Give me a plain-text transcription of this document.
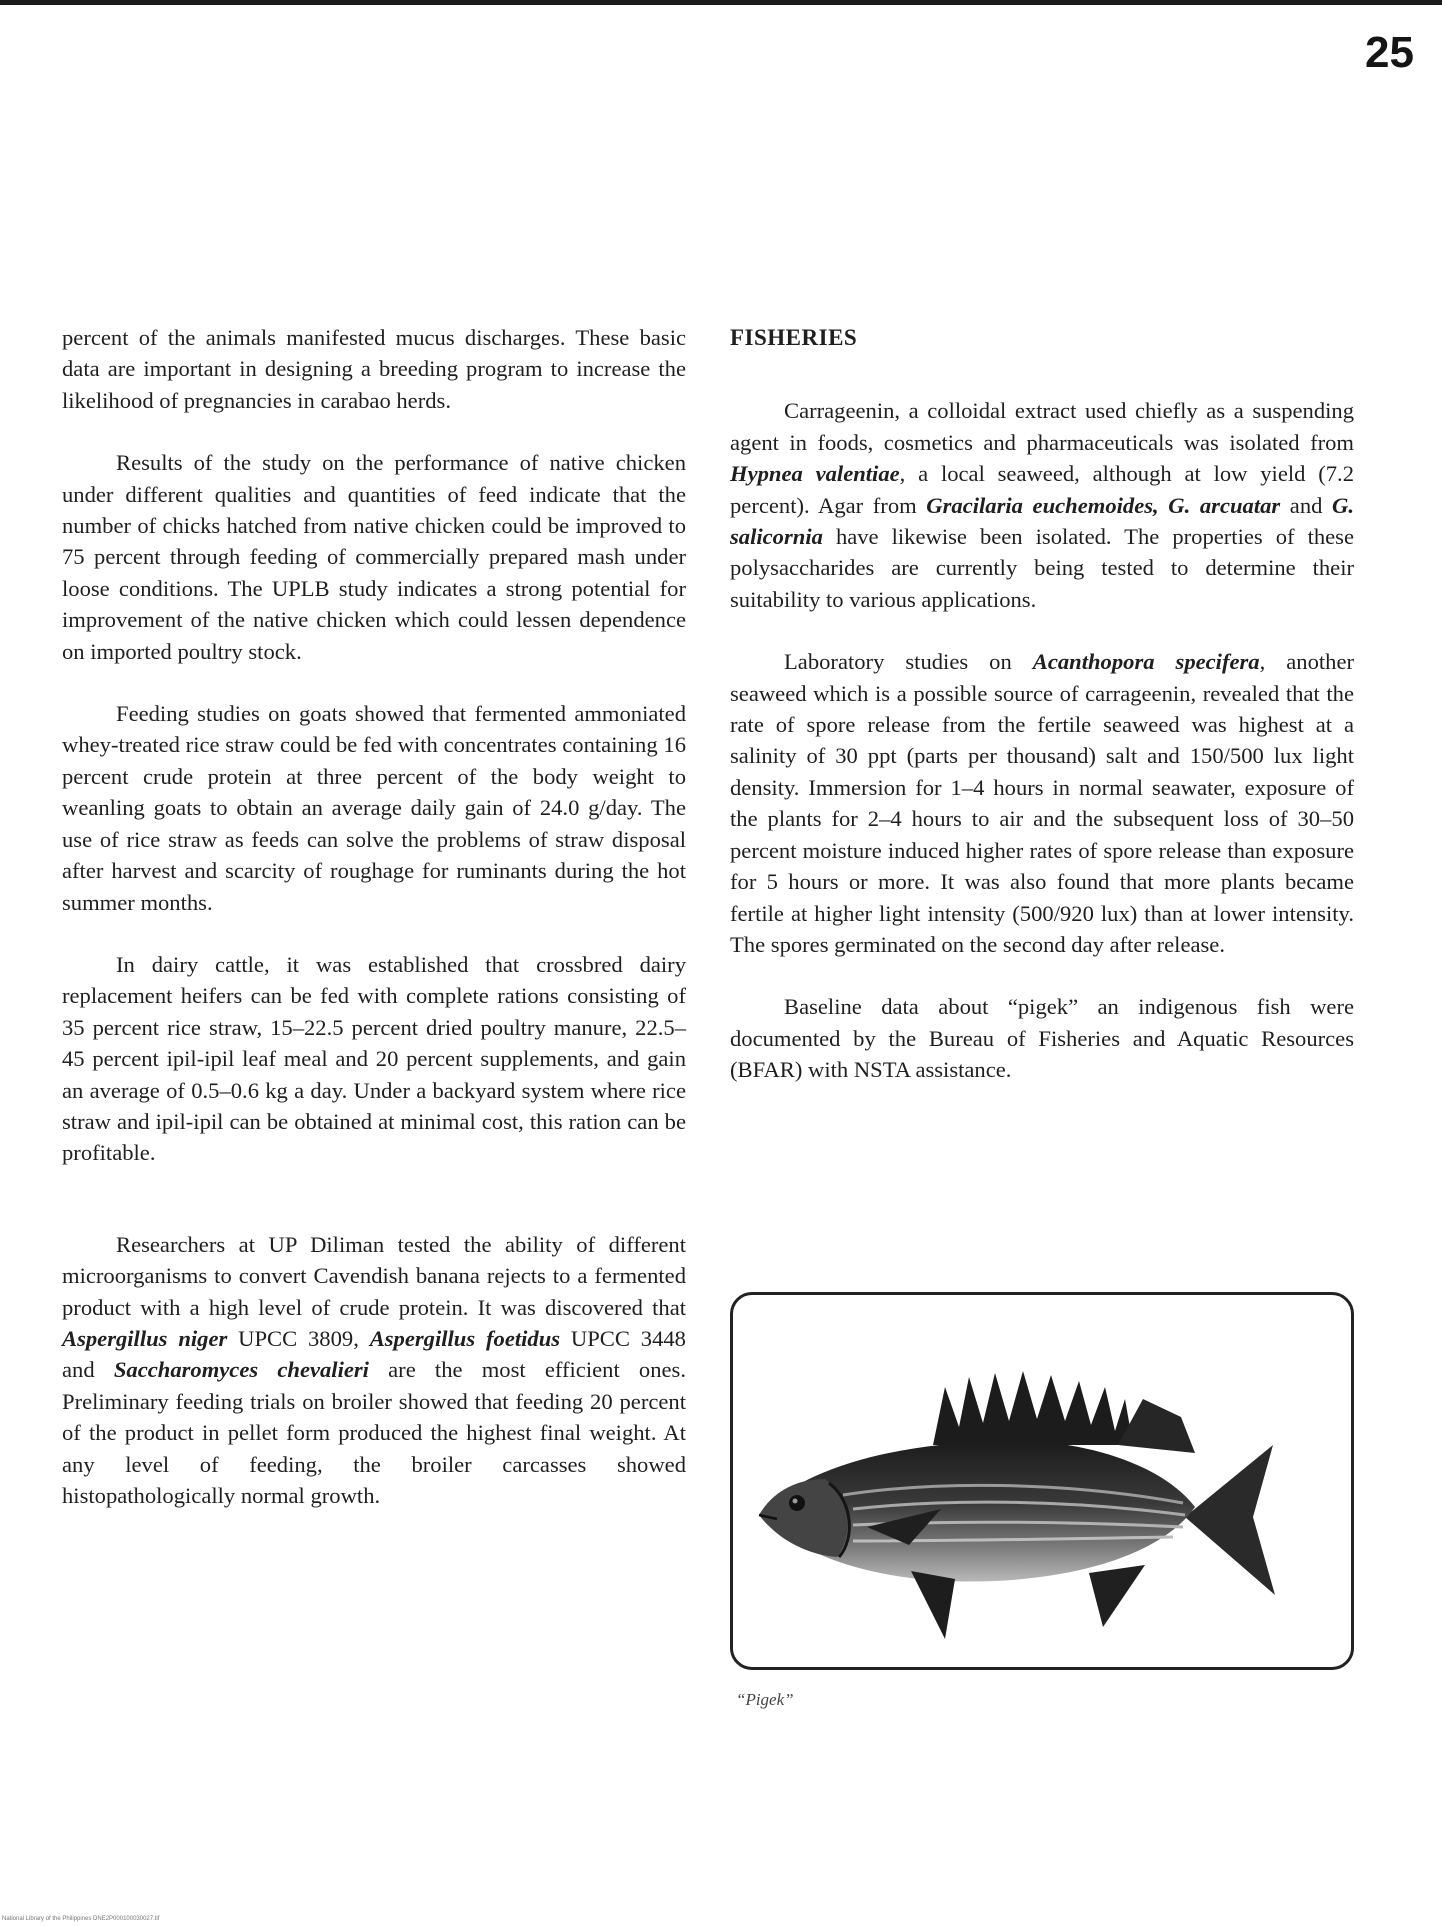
25

percent of the animals manifested mucus discharges. These basic data are important in designing a breeding program to increase the likelihood of pregnancies in carabao herds.

Results of the study on the performance of native chicken under different qualities and quantities of feed indicate that the number of chicks hatched from native chicken could be improved to 75 percent through feeding of commercially prepared mash under loose conditions. The UPLB study indicates a strong potential for improvement of the native chicken which could lessen dependence on imported poultry stock.

Feeding studies on goats showed that fermented ammoniated whey-treated rice straw could be fed with concentrates containing 16 percent crude protein at three percent of the body weight to weanling goats to obtain an average daily gain of 24.0 g/day. The use of rice straw as feeds can solve the problems of straw disposal after harvest and scarcity of roughage for ruminants during the hot summer months.

In dairy cattle, it was established that crossbred dairy replacement heifers can be fed with complete rations consisting of 35 percent rice straw, 15–22.5 percent dried poultry manure, 22.5–45 percent ipil-ipil leaf meal and 20 percent supplements, and gain an average of 0.5–0.6 kg a day. Under a backyard system where rice straw and ipil-ipil can be obtained at minimal cost, this ration can be profitable.

Researchers at UP Diliman tested the ability of different microorganisms to convert Cavendish banana rejects to a fermented product with a high level of crude protein. It was discovered that Aspergillus niger UPCC 3809, Aspergillus foetidus UPCC 3448 and Saccharomyces chevalieri are the most efficient ones. Preliminary feeding trials on broiler showed that feeding 20 percent of the product in pellet form produced the highest final weight. At any level of feeding, the broiler carcasses showed histopathologically normal growth.

FISHERIES

Carrageenin, a colloidal extract used chiefly as a suspending agent in foods, cosmetics and pharmaceuticals was isolated from Hypnea valentiae, a local seaweed, although at low yield (7.2 percent). Agar from Gracilaria euchemoides, G. arcuatar and G. salicornia have likewise been isolated. The properties of these polysaccharides are currently being tested to determine their suitability to various applications.

Laboratory studies on Acanthopora specifera, another seaweed which is a possible source of carrageenin, revealed that the rate of spore release from the fertile seaweed was highest at a salinity of 30 ppt (parts per thousand) salt and 150/500 lux light density. Immersion for 1–4 hours in normal seawater, exposure of the plants for 2–4 hours to air and the subsequent loss of 30–50 percent moisture induced higher rates of spore release than exposure for 5 hours or more. It was also found that more plants became fertile at higher light intensity (500/920 lux) than at lower intensity. The spores germinated on the second day after release.

Baseline data about “pigek” an indigenous fish were documented by the Bureau of Fisheries and Aquatic Resources (BFAR) with NSTA assistance.

“Pigek”
National Library of the Philippines DNE2P000100030027.tif
